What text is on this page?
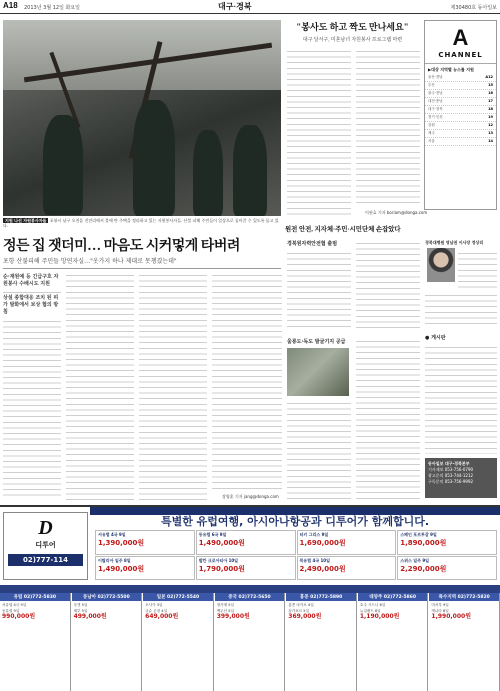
A18 2013년 3월 12일 화요일	대구·경북	제30480호 동아일보
지원 나선 자원봉사자들 포항시 남구 오천읍 진전리에서 불에 탄 주택을 정리하고 있는 자원봉사자들. 산불 피해 주민들이 일상으로 돌아갈 수 있도록 돕고 있다.
정든 집 잿더미… 마음도 시커멓게 타버려
포항 산불피해 주민들 망연자실…"옷가지 하나 제대로 못챙겼는데"
순·재원예 등 긴급구호 자원봉사 수배시도 지원
상설 종합대응 조치 된 피가 발화에서 보상 협의 방침
장영훈 기자 jang@donga.com
"봉사도 하고 짝도 만나세요"
대구 달서구, 미혼남녀 자원봉사 프로그램 마련
이권효 기자 boriam@donga.com
A
CHANNEL
▶대상 지역별 뉴스를 지원
울산·경남	A12
부산	15
광주·전남	16
대전·충남	17
대구·경북	18
경기·인천	19
강원	12
제주	13
서울	14
원전 안전, 지자체·주민·시민단체 손잡았다
경북원자력안전협 출범
울릉도·독도 발굴기지 공급
경북대병원 영남권 이사장 정상리
● 게시판
동아일보 대구·경북본부
기사제보 053-756-0790
광고문의 053-744-1212
구독문의 053-756-9992
D
디투어
02)777-114
특별한 유럽여행, 아시아나항공과 디투어가 함께합니다.
서유럽 4국 9일
1,390,000원
동유럽 6국 9일
1,490,000원
터키 그리스 9일
1,690,000원
스페인 포르투갈 9일
1,890,000원
이탈리아 일주 8일
1,490,000원
발칸 크로아티아 10일
1,790,000원
북유럽 4국 10일
2,490,000원
스위스 일주 9일
2,290,000원
유럽 02)772-5830
서유럽 4국 9일
동유럽 9일
990,000원
동남아 02)772-5500
푸켓 5일
세부 5일
499,000원
일본 02)772-5540
오사카 3일
규슈 온천 4일
649,000원
중국 02)772-5650
장가계 5일
백두산 5일
399,000원
홍콩 02)772-5890
홍콩 마카오 4일
싱가포르 5일
369,000원
대양주 02)772-5860
호주 시드니 6일
뉴질랜드 8일
1,190,000원
특수지역 02)772-5820
미서부 9일
캐나다 8일
1,990,000원
